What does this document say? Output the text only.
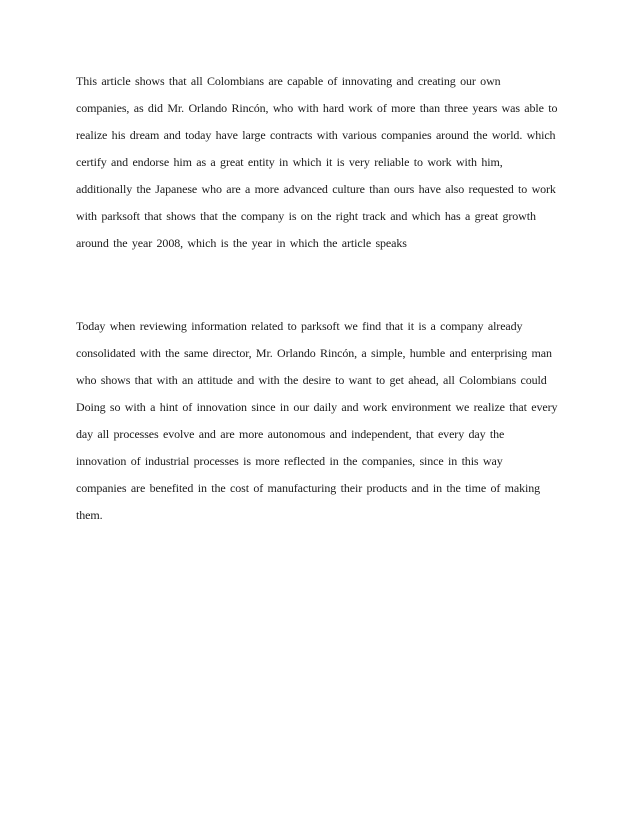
This article shows that all Colombians are capable of innovating and creating our own

companies, as did Mr. Orlando Rincón, who with hard work of more than three years was able to

realize his dream and today have large contracts with various companies around the world. which

certify and endorse him as a great entity in which it is very reliable to work with him,

additionally the Japanese who are a more advanced culture than ours have also requested to work

with parksoft that shows that the company is on the right track and which has a great growth

around the year 2008, which is the year in which the article speaks

Today when reviewing information related to parksoft we find that it is a company already

consolidated with the same director, Mr. Orlando Rincón, a simple, humble and enterprising man

who shows that with an attitude and with the desire to want to get ahead, all Colombians could

Doing so with a hint of innovation since in our daily and work environment we realize that every

day all processes evolve and are more autonomous and independent, that every day the

innovation of industrial processes is more reflected in the companies, since in this way

companies are benefited in the cost of manufacturing their products and in the time of making

them.
